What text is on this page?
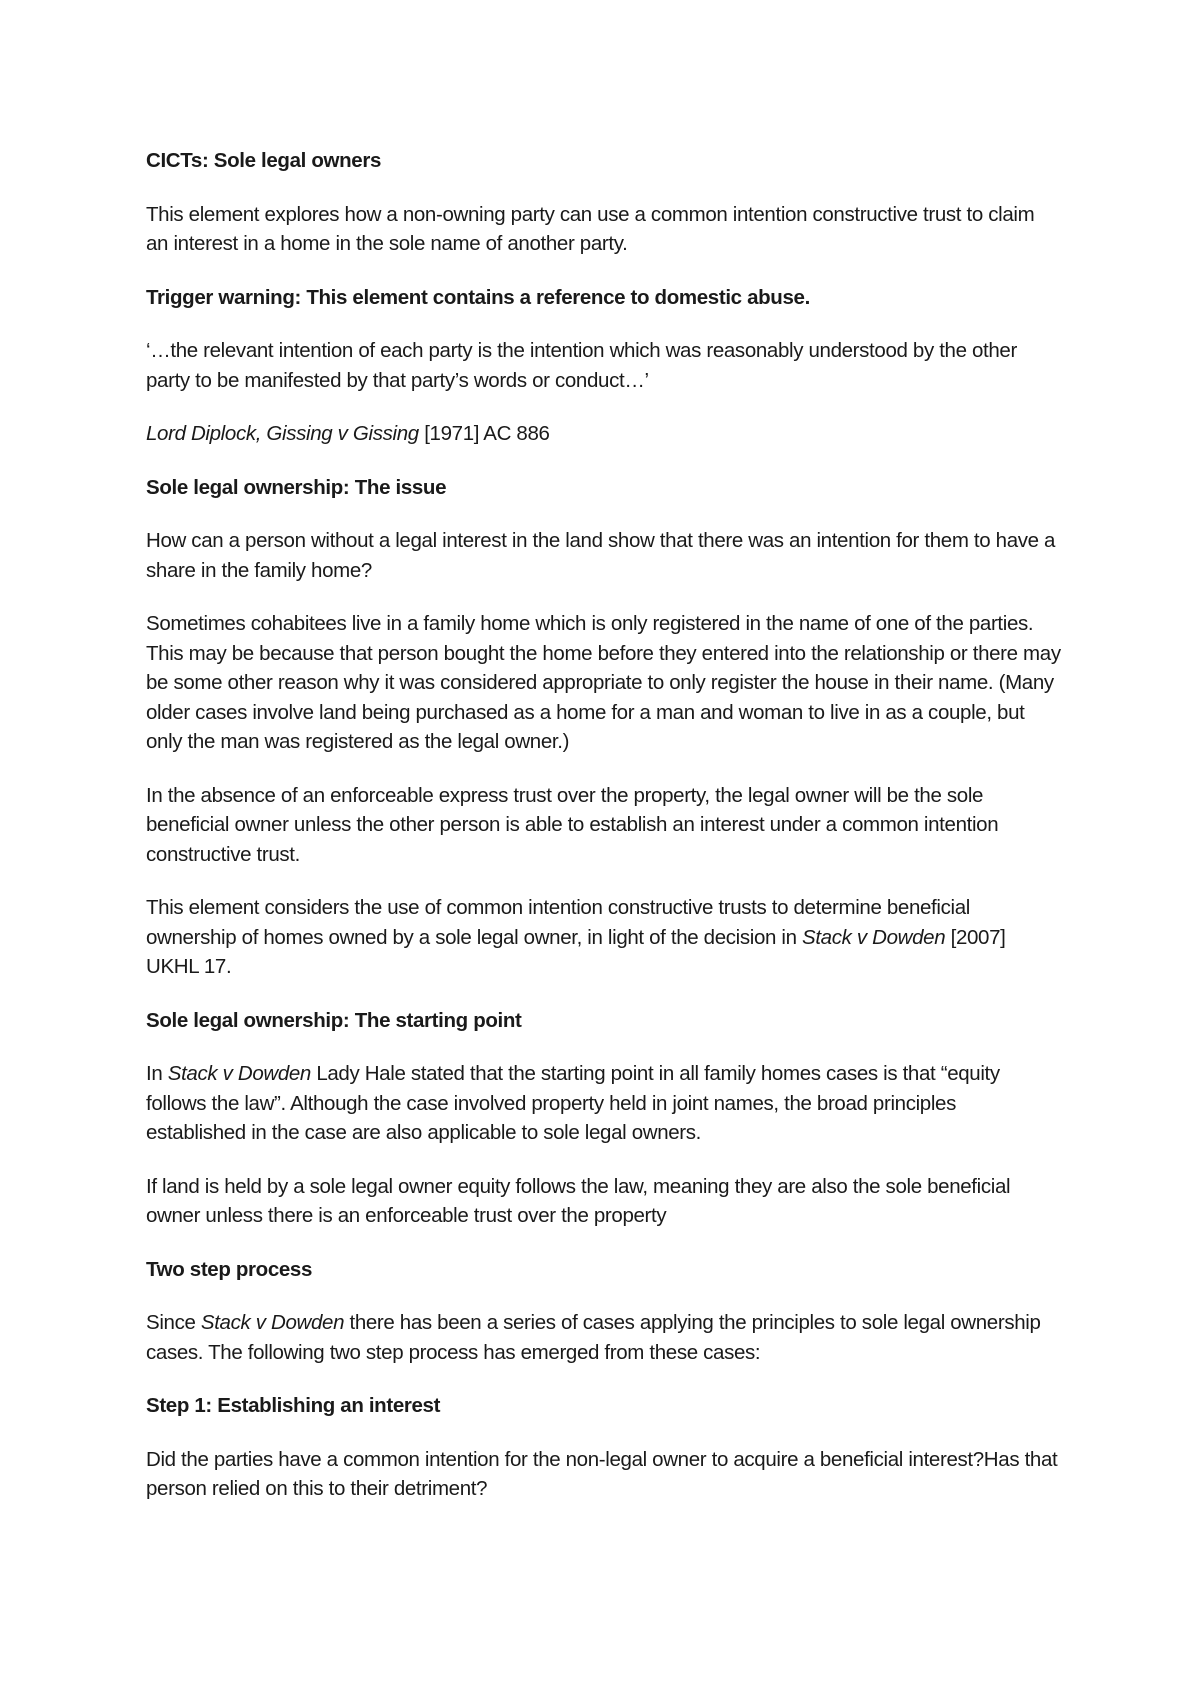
CICTs: Sole legal owners

This element explores how a non-owning party can use a common intention constructive trust to claim an interest in a home in the sole name of another party.

Trigger warning: This element contains a reference to domestic abuse.

‘…the relevant intention of each party is the intention which was reasonably understood by the other party to be manifested by that party’s words or conduct…’

Lord Diplock, Gissing v Gissing [1971] AC 886

Sole legal ownership: The issue

How can a person without a legal interest in the land show that there was an intention for them to have a share in the family home?

Sometimes cohabitees live in a family home which is only registered in the name of one of the parties. This may be because that person bought the home before they entered into the relationship or there may be some other reason why it was considered appropriate to only register the house in their name. (Many older cases involve land being purchased as a home for a man and woman to live in as a couple, but only the man was registered as the legal owner.)

In the absence of an enforceable express trust over the property, the legal owner will be the sole beneficial owner unless the other person is able to establish an interest under a common intention constructive trust.

This element considers the use of common intention constructive trusts to determine beneficial ownership of homes owned by a sole legal owner, in light of the decision in Stack v Dowden [2007] UKHL 17.

Sole legal ownership: The starting point

In Stack v Dowden Lady Hale stated that the starting point in all family homes cases is that “equity follows the law”. Although the case involved property held in joint names, the broad principles established in the case are also applicable to sole legal owners.

If land is held by a sole legal owner equity follows the law, meaning they are also the sole beneficial owner unless there is an enforceable trust over the property

Two step process

Since Stack v Dowden there has been a series of cases applying the principles to sole legal ownership cases. The following two step process has emerged from these cases:

Step 1: Establishing an interest

Did the parties have a common intention for the non-legal owner to acquire a beneficial interest?Has that person relied on this to their detriment?
